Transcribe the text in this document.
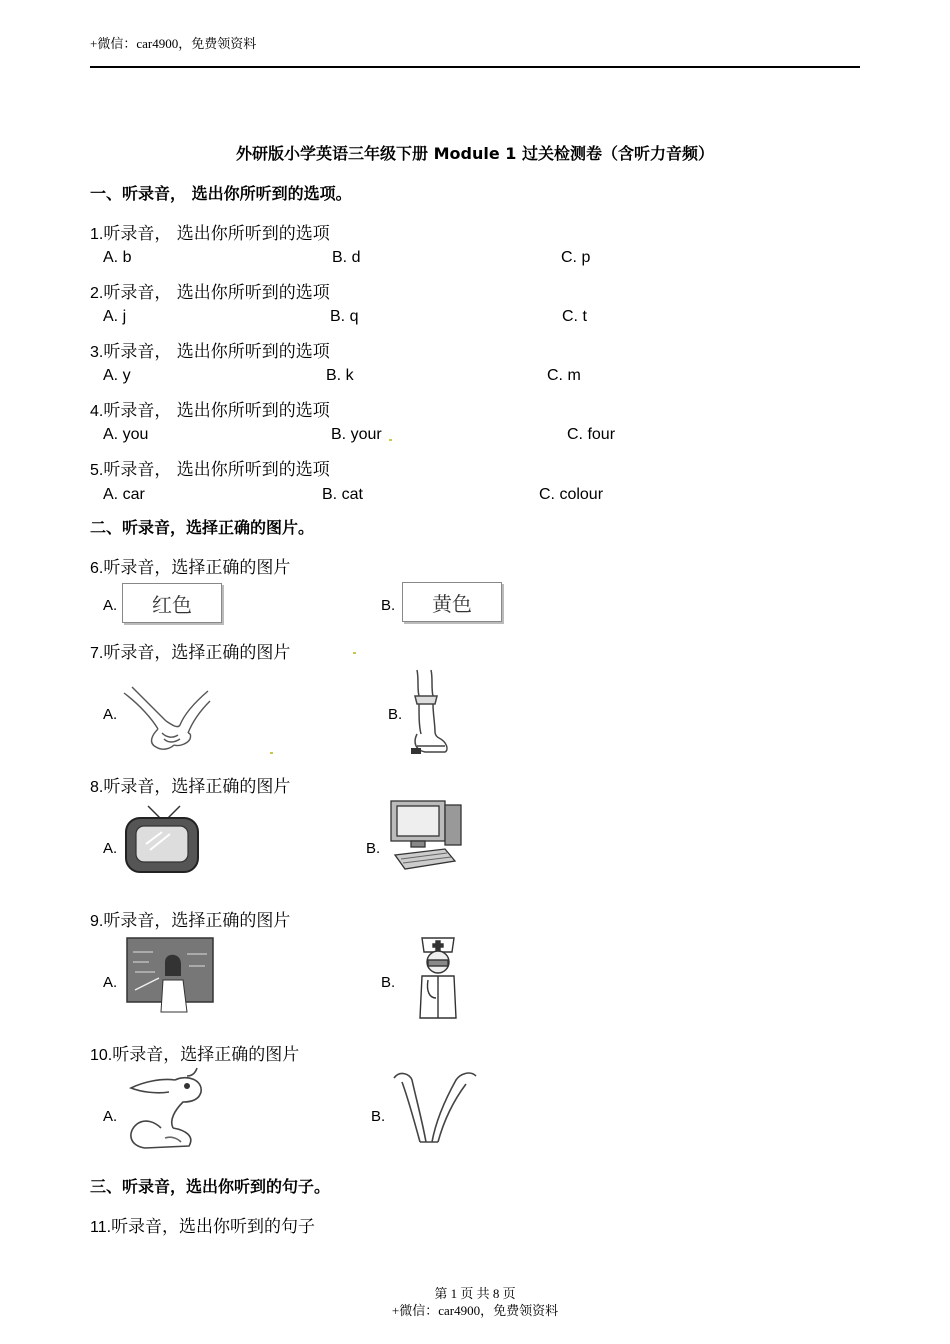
+微信：car4900，免费领资料
外研版小学英语三年级下册 Module 1 过关检测卷（含听力音频）
一、听录音， 选出你所听到的选项。
1.听录音， 选出你所听到的选项
A. b	B. d	C. p
2.听录音， 选出你所听到的选项
A. j	B. q	C. t
3.听录音， 选出你所听到的选项
A. y	B. k	C. m
4.听录音， 选出你所听到的选项
A. you	B. your	C. four
5.听录音， 选出你所听到的选项
A. car	B. cat	C. colour
二、听录音，选择正确的图片。
6.听录音，选择正确的图片
A. 红色	B. 黄色
7.听录音，选择正确的图片
A.	B.
8.听录音，选择正确的图片
A.	B.
9.听录音，选择正确的图片
A.	B.
10.听录音，选择正确的图片
A.	B.
三、听录音，选出你听到的句子。
11.听录音，选出你听到的句子
第 1 页 共 8 页
+微信：car4900，免费领资料
